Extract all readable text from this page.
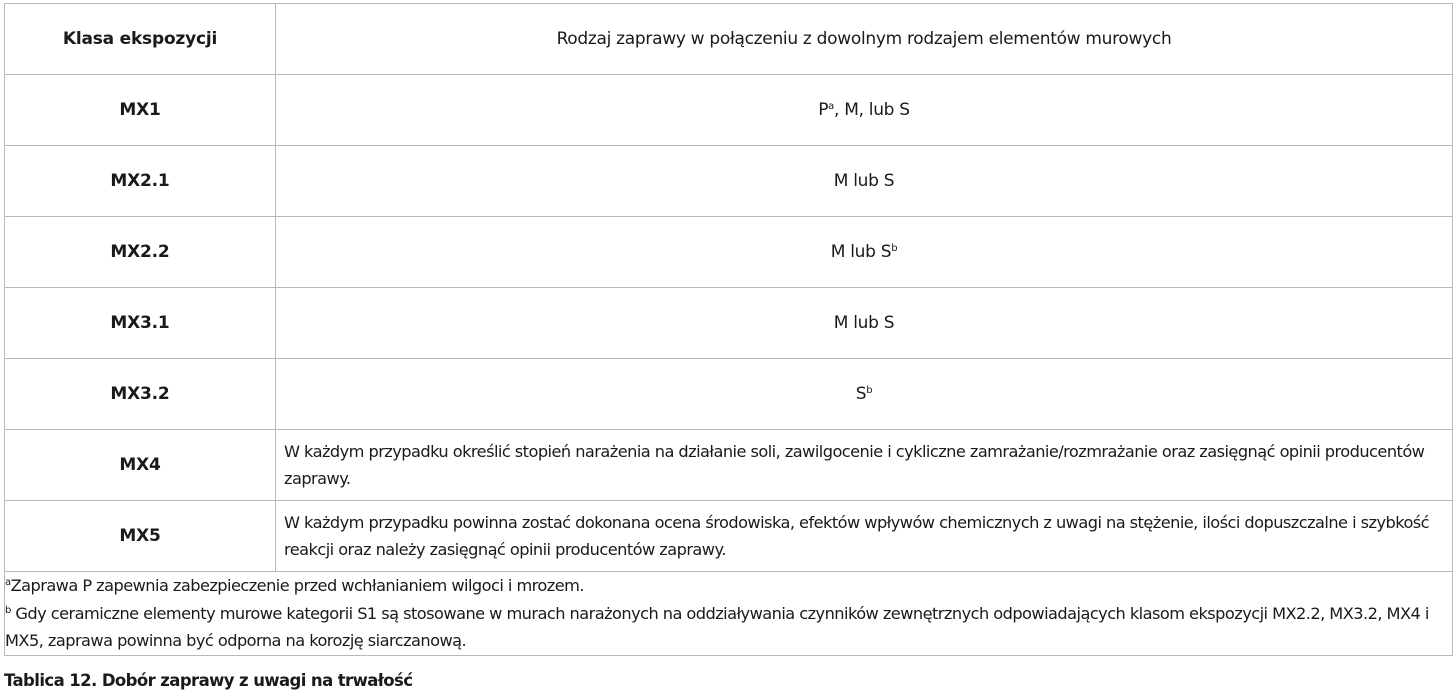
Klasa ekspozycji	Rodzaj zaprawy w połączeniu z dowolnym rodzajem elementów murowych
MX1	$P^a$, M, lub S
MX2.1	M lub S
MX2.2	M lub $S^b$
MX3.1	M lub S
MX3.2	$S^b$
MX4	W każdym przypadku określić stopień narażenia na działanie soli, zawilgocenie i cykliczne zamrażanie/rozmrażanie oraz zasięgnąć opinii producentów zaprawy.
MX5	W każdym przypadku powinna zostać dokonana ocena środowiska, efektów wpływów chemicznych z uwagi na stężenie, ilości dopuszczalne i szybkość reakcji oraz należy zasięgnąć opinii producentów zaprawy.

$^a$Zaprawa P zapewnia zabezpieczenie przed wchłanianiem wilgoci i mrozem.
$^b$ Gdy ceramiczne elementy murowe kategorii S1 są stosowane w murach narażonych na oddziaływania czynników zewnętrznych odpowiadających klasom ekspozycji MX2.2, MX3.2, MX4 i MX5, zaprawa powinna być odporna na korozję siarczanową.	
Tablica 12. Dobór zaprawy z uwagi na trwałość
